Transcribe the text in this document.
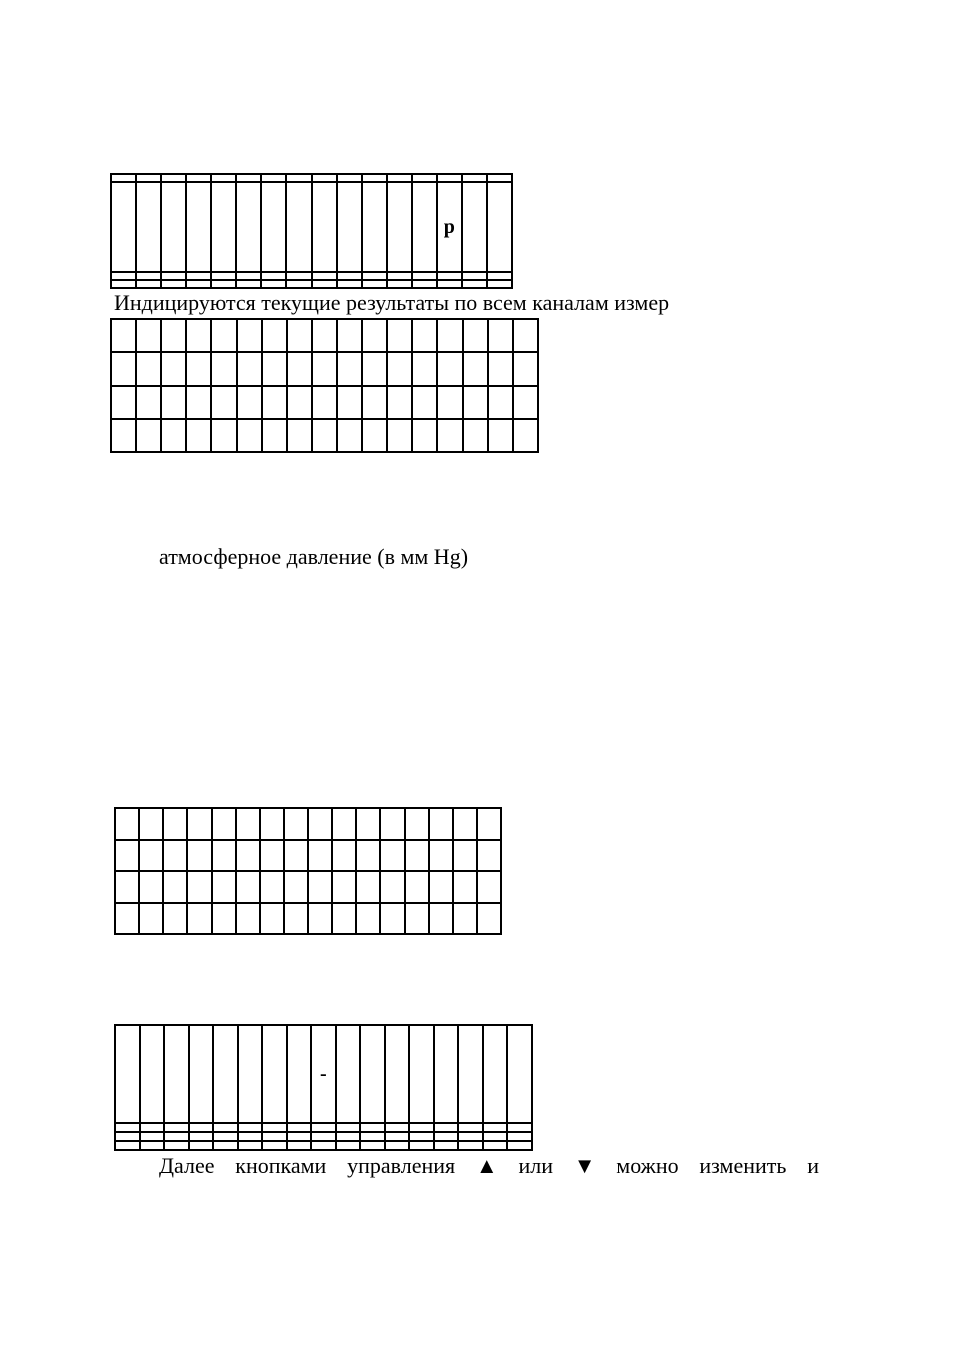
													р		

Индицируются текущие результаты по всем каналам измер

атмосферное давление (в мм Hg)

								-								

Далее кнопками управления ▲ или ▼ можно изменить и
